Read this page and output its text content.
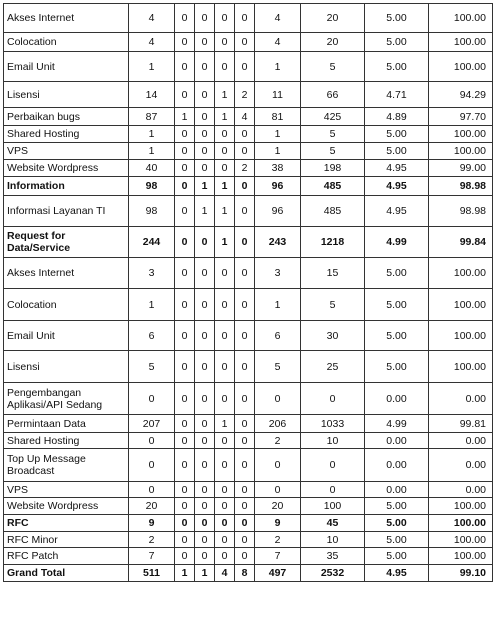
Akses Internet	4	0	0	0	0	4	20	5.00	100.00
Colocation	4	0	0	0	0	4	20	5.00	100.00
Email Unit	1	0	0	0	0	1	5	5.00	100.00
Lisensi	14	0	0	1	2	11	66	4.71	94.29
Perbaikan bugs	87	1	0	1	4	81	425	4.89	97.70
Shared Hosting	1	0	0	0	0	1	5	5.00	100.00
VPS	1	0	0	0	0	1	5	5.00	100.00
Website Wordpress	40	0	0	0	2	38	198	4.95	99.00
Information	98	0	1	1	0	96	485	4.95	98.98
Informasi Layanan TI	98	0	1	1	0	96	485	4.95	98.98
Request for Data/Service	244	0	0	1	0	243	1218	4.99	99.84
Akses Internet	3	0	0	0	0	3	15	5.00	100.00
Colocation	1	0	0	0	0	1	5	5.00	100.00
Email Unit	6	0	0	0	0	6	30	5.00	100.00
Lisensi	5	0	0	0	0	5	25	5.00	100.00
Pengembangan Aplikasi/API Sedang	0	0	0	0	0	0	0	0.00	0.00
Permintaan Data	207	0	0	1	0	206	1033	4.99	99.81
Shared Hosting	0	0	0	0	0	2	10	0.00	0.00
Top Up Message Broadcast	0	0	0	0	0	0	0	0.00	0.00
VPS	0	0	0	0	0	0	0	0.00	0.00
Website Wordpress	20	0	0	0	0	20	100	5.00	100.00
RFC	9	0	0	0	0	9	45	5.00	100.00
RFC Minor	2	0	0	0	0	2	10	5.00	100.00
RFC Patch	7	0	0	0	0	7	35	5.00	100.00
Grand Total	511	1	1	4	8	497	2532	4.95	99.10
